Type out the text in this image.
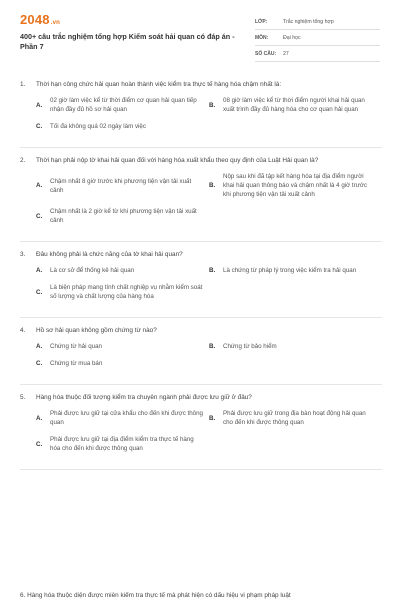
2048.vn
400+ câu trắc nghiệm tổng hợp Kiểm soát hải quan có đáp án - Phần 7
LỚP:	Trắc nghiệm tổng hợp
MÔN:	Đại học
SỐ CÂU:	27
1.	Thời hạn công chức hải quan hoàn thành việc kiểm tra thực tế hàng hóa chậm nhất là:
A.
02 giờ làm việc kể từ thời điểm cơ quan hải quan tiếp nhận đầy đủ hồ sơ hải quan
B.
08 giờ làm việc kể từ thời điểm người khai hải quan xuất trình đầy đủ hàng hóa cho cơ quan hải quan
C.	Tối đa không quá 02 ngày làm việc
2.	Thời hạn phải nộp tờ khai hải quan đối với hàng hóa xuất khẩu theo quy định của Luật Hải quan là?
A.
Chậm nhất 8 giờ trước khi phương tiện vận tải xuất cảnh
B.
Nộp sau khi đã tập kết hàng hóa tại địa điểm người khai hải quan thông báo và chậm nhất là 4 giờ trước khi phương tiện vận tải xuất cảnh
C.
Chậm nhất là 2 giờ kể từ khi phương tiện vận tải xuất cảnh
3.	Đâu không phải là chức năng của tờ khai hải quan?
A.	Là cơ sở để thống kê hải quan	B.	Là chứng từ pháp lý trong việc kiểm tra hải quan
C.
Là biện pháp mang tính chất nghiệp vụ nhằm kiểm soát số lượng và chất lượng của hàng hóa
4.	Hồ sơ hải quan không gồm chứng từ nào?
A.	Chứng từ hải quan	B.	Chứng từ bảo hiểm
C.	Chứng từ mua bán
5.	Hàng hóa thuộc đối tượng kiểm tra chuyên ngành phải được lưu giữ ở đâu?
A.
Phải được lưu giữ tại cửa khẩu cho đến khi được thông quan
B.
Phải được lưu giữ trong địa bàn hoạt động hải quan cho đến khi được thông quan
C.
Phải được lưu giữ tại địa điểm kiểm tra thực tế hàng hóa cho đến khi được thông quan
6. Hàng hóa thuộc diện được miễn kiểm tra thực tế mà phát hiện có dấu hiệu vi phạm pháp luật
